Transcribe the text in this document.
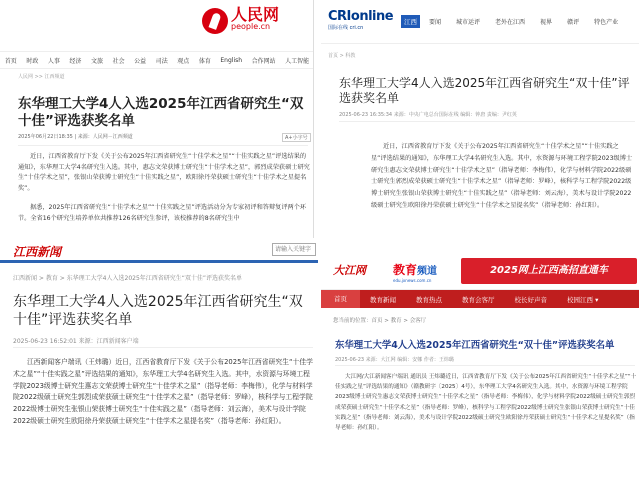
人民网
people.cn
首页 时政 人事 经济 文旅 社会 公益 司法 观点 体育 English 合作网站 人工智能
人民网 >> 江西频道
东华理工大学4人入选2025年江西省研究生“双十佳”评选获奖名单
2025年06月22日18:35 | 来源：人民网－江西频道	A+小字号
近日，江西省教育厅下发《关于公布2025年江西省研究生“十佳学术之星”“十佳实践之星”评选结果的通知》，东华理工大学4名研究生入选。其中，惠志文荣获博士研究生“十佳学术之星”，郭烈成荣获硕士研究生“十佳学术之星”，张银山荣获博士研究生“十佳实践之星”，欧阳徐丹荣获硕士研究生“十佳学术之星提名奖”。
据悉，2025年江西省研究生“十佳学术之星”“十佳实践之星”评选活动分为专家初评和答辩复评两个环节。全省16个研究生培养单位共推荐126名研究生参评，该校推荐的8名研究生中
CRIonline
国际在线 cri.cn
江西	要闻	城市运评	老外在江西	视界	赣评	特色产业
首页 > 科教
东华理工大学4人入选2025年江西省研究生“双十佳”评选获奖名单
2025-06-23 16:35:34 来源：中央广电总台国际在线 编辑：钟唐 责编：尹红英
近日，江西省教育厅下发《关于公布2025年江西省研究生“十佳学术之星”“十佳实践之星”评选结果的通知》，东华理工大学4名研究生入选。其中，水资源与环境工程学院2023级博士研究生惠志文荣获博士研究生“十佳学术之星”（指导老师：李梅伟），化学与材料学院2022级硕士研究生郭烈成荣获硕士研究生“十佳学术之星”（指导老师：罗峰），核科学与工程学院2022级博士研究生张银山荣获博士研究生“十佳实践之星”（指导老师：刘云海），美术与设计学院2022级硕士研究生欧阳徐丹荣获硕士研究生“十佳学术之星提名奖”（指导老师：孙红阳）。
江西新闻
请输入关键字
江西新闻 > 教育 > 东华理工大学4人入选2025年江西省研究生“双十佳”评选获奖名单
东华理工大学4人入选2025年江西省研究生“双十佳”评选获奖名单
2025-06-23 16:52:01 来源：江西新闻客户端
江西新闻客户端讯（王炜璐）近日，江西省教育厅下发《关于公布2025年江西省研究生“十佳学术之星”“十佳实践之星”评选结果的通知》，东华理工大学4名研究生入选。其中，水资源与环境工程学院2023级博士研究生惠志文荣获博士研究生“十佳学术之星”（指导老师：李梅伟），化学与材料学院2022级硕士研究生郭烈成荣获硕士研究生“十佳学术之星”（指导老师：罗峰），核科学与工程学院2022级博士研究生张银山荣获博士研究生“十佳实践之星”（指导老师：刘云海），美术与设计学院2022级硕士研究生欧阳徐丹荣获硕士研究生“十佳学术之星提名奖”（指导老师：孙红阳）。
大江网 教育频道
edu.jxnews.com.cn
2025网上江西高招直通车
首页	教育新闻	教育热点	教育会客厅	校长好声音	校园江西 ▾
您当前的位置：首页 > 教育 > 会客厅
东华理工大学4人入选2025年江西省研究生“双十佳”评选获奖名单
2025-06-23 来源：大江网 编辑：安娜 作者：王炜璐
大江网/大江新闻客户端讯 通讯员 王炜璐近日，江西省教育厅下发《关于公布2025年江西省研究生“十佳学术之星”“十佳实践之星”评选结果的通知》（赣教研字〔2025〕4号），东华理工大学4名研究生入选。其中，水资源与环境工程学院2023级博士研究生惠志文荣获博士研究生“十佳学术之星”（指导老师：李梅伟），化学与材料学院2022级硕士研究生郭烈成荣获硕士研究生“十佳学术之星”（指导老师：罗峰），核科学与工程学院2022级博士研究生张银山荣获博士研究生“十佳实践之星”（指导老师：刘云海），美术与设计学院2022级硕士研究生欧阳徐丹荣获硕士研究生“十佳学术之星提名奖”（指导老师：孙红阳）。
